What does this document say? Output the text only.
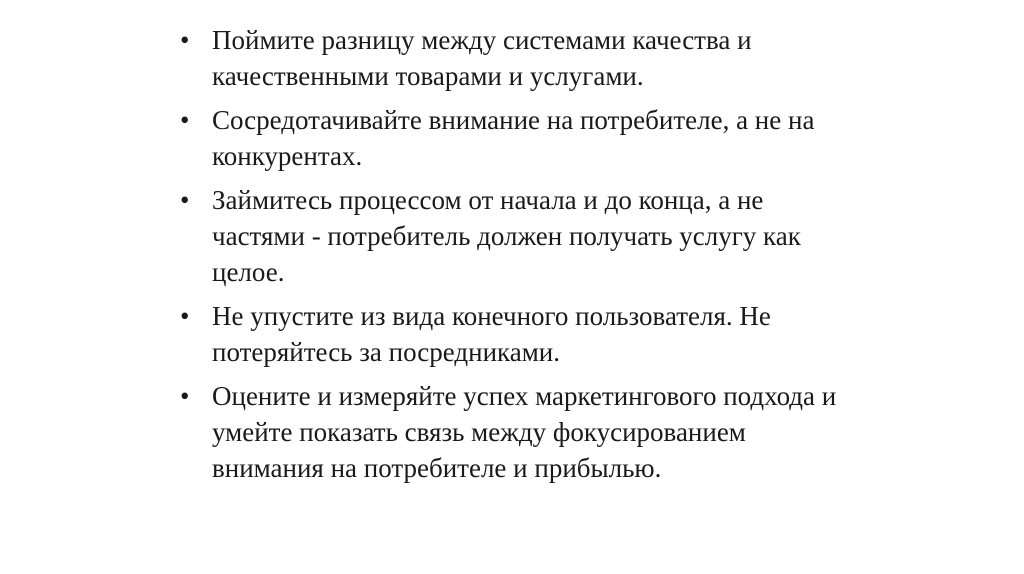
• Поймите разницу между системами качества и качественными товарами и услугами.
• Сосредотачивайте внимание на потребителе, а не на конкурентах.
• Займитесь процессом от начала и до конца, а не частями - потребитель должен получать услугу как целое.
• Не упустите из вида конечного пользователя. Не потеряйтесь за посредниками.
• Оцените и измеряйте успех маркетингового подхода и умейте показать связь между фокусированием внимания на потребителе и прибылью.
